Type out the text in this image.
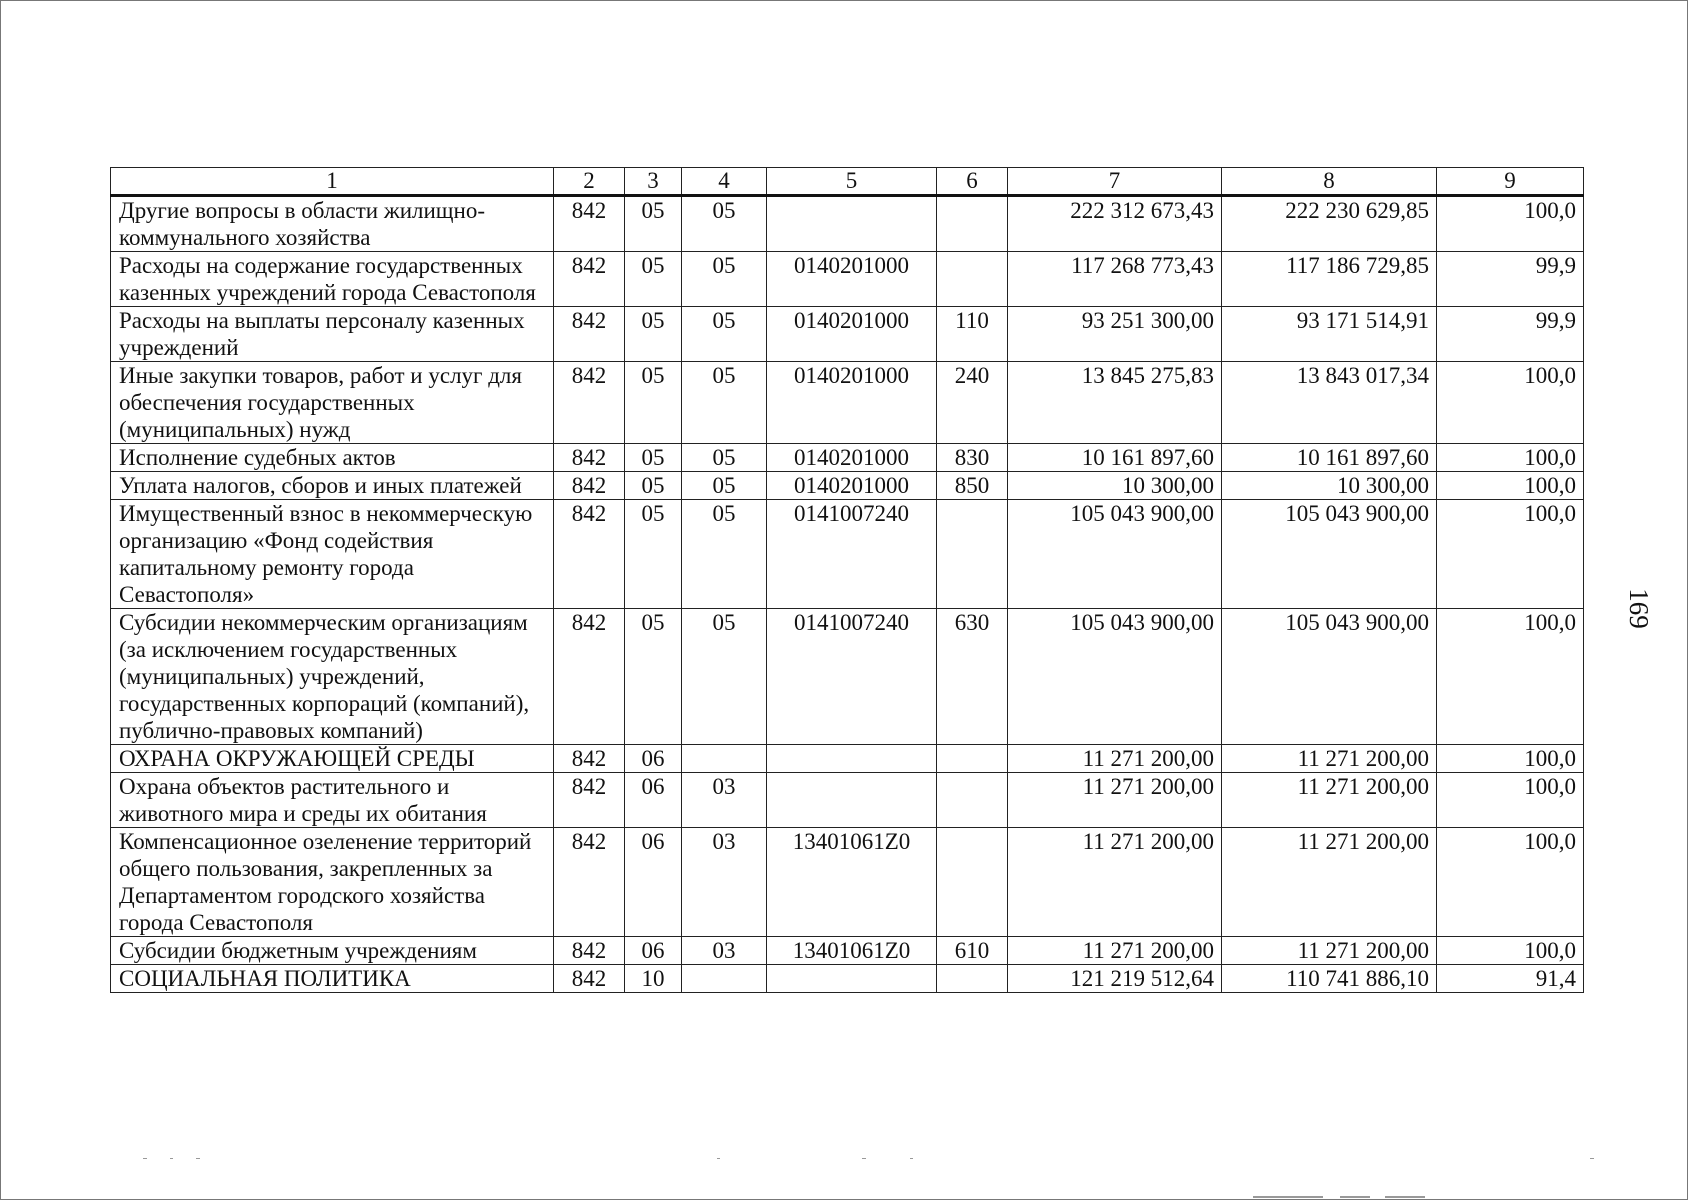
1	2	3	4	5	6	7	8	9
Другие вопросы в области жилищно-коммунального хозяйства	842	05	05			222 312 673,43	222 230 629,85	100,0
Расходы на содержание государственных казенных учреждений города Севастополя	842	05	05	0140201000		117 268 773,43	117 186 729,85	99,9
Расходы на выплаты персоналу казенных учреждений	842	05	05	0140201000	110	93 251 300,00	93 171 514,91	99,9
Иные закупки товаров, работ и услуг для обеспечения государственных (муниципальных) нужд	842	05	05	0140201000	240	13 845 275,83	13 843 017,34	100,0
Исполнение судебных актов	842	05	05	0140201000	830	10 161 897,60	10 161 897,60	100,0
Уплата налогов, сборов и иных платежей	842	05	05	0140201000	850	10 300,00	10 300,00	100,0
Имущественный взнос в некоммерческую организацию «Фонд содействия капитальному ремонту города Севастополя»	842	05	05	0141007240		105 043 900,00	105 043 900,00	100,0
Субсидии некоммерческим организациям (за исключением государственных (муниципальных) учреждений, государственных корпораций (компаний), публично-правовых компаний)	842	05	05	0141007240	630	105 043 900,00	105 043 900,00	100,0
ОХРАНА ОКРУЖАЮЩЕЙ СРЕДЫ	842	06				11 271 200,00	11 271 200,00	100,0
Охрана объектов растительного и животного мира и среды их обитания	842	06	03			11 271 200,00	11 271 200,00	100,0
Компенсационное озеленение территорий общего пользования, закрепленных за Департаментом городского хозяйства города Севастополя	842	06	03	13401061Z0		11 271 200,00	11 271 200,00	100,0
Субсидии бюджетным учреждениям	842	06	03	13401061Z0	610	11 271 200,00	11 271 200,00	100,0
СОЦИАЛЬНАЯ ПОЛИТИКА	842	10				121 219 512,64	110 741 886,10	91,4
169
